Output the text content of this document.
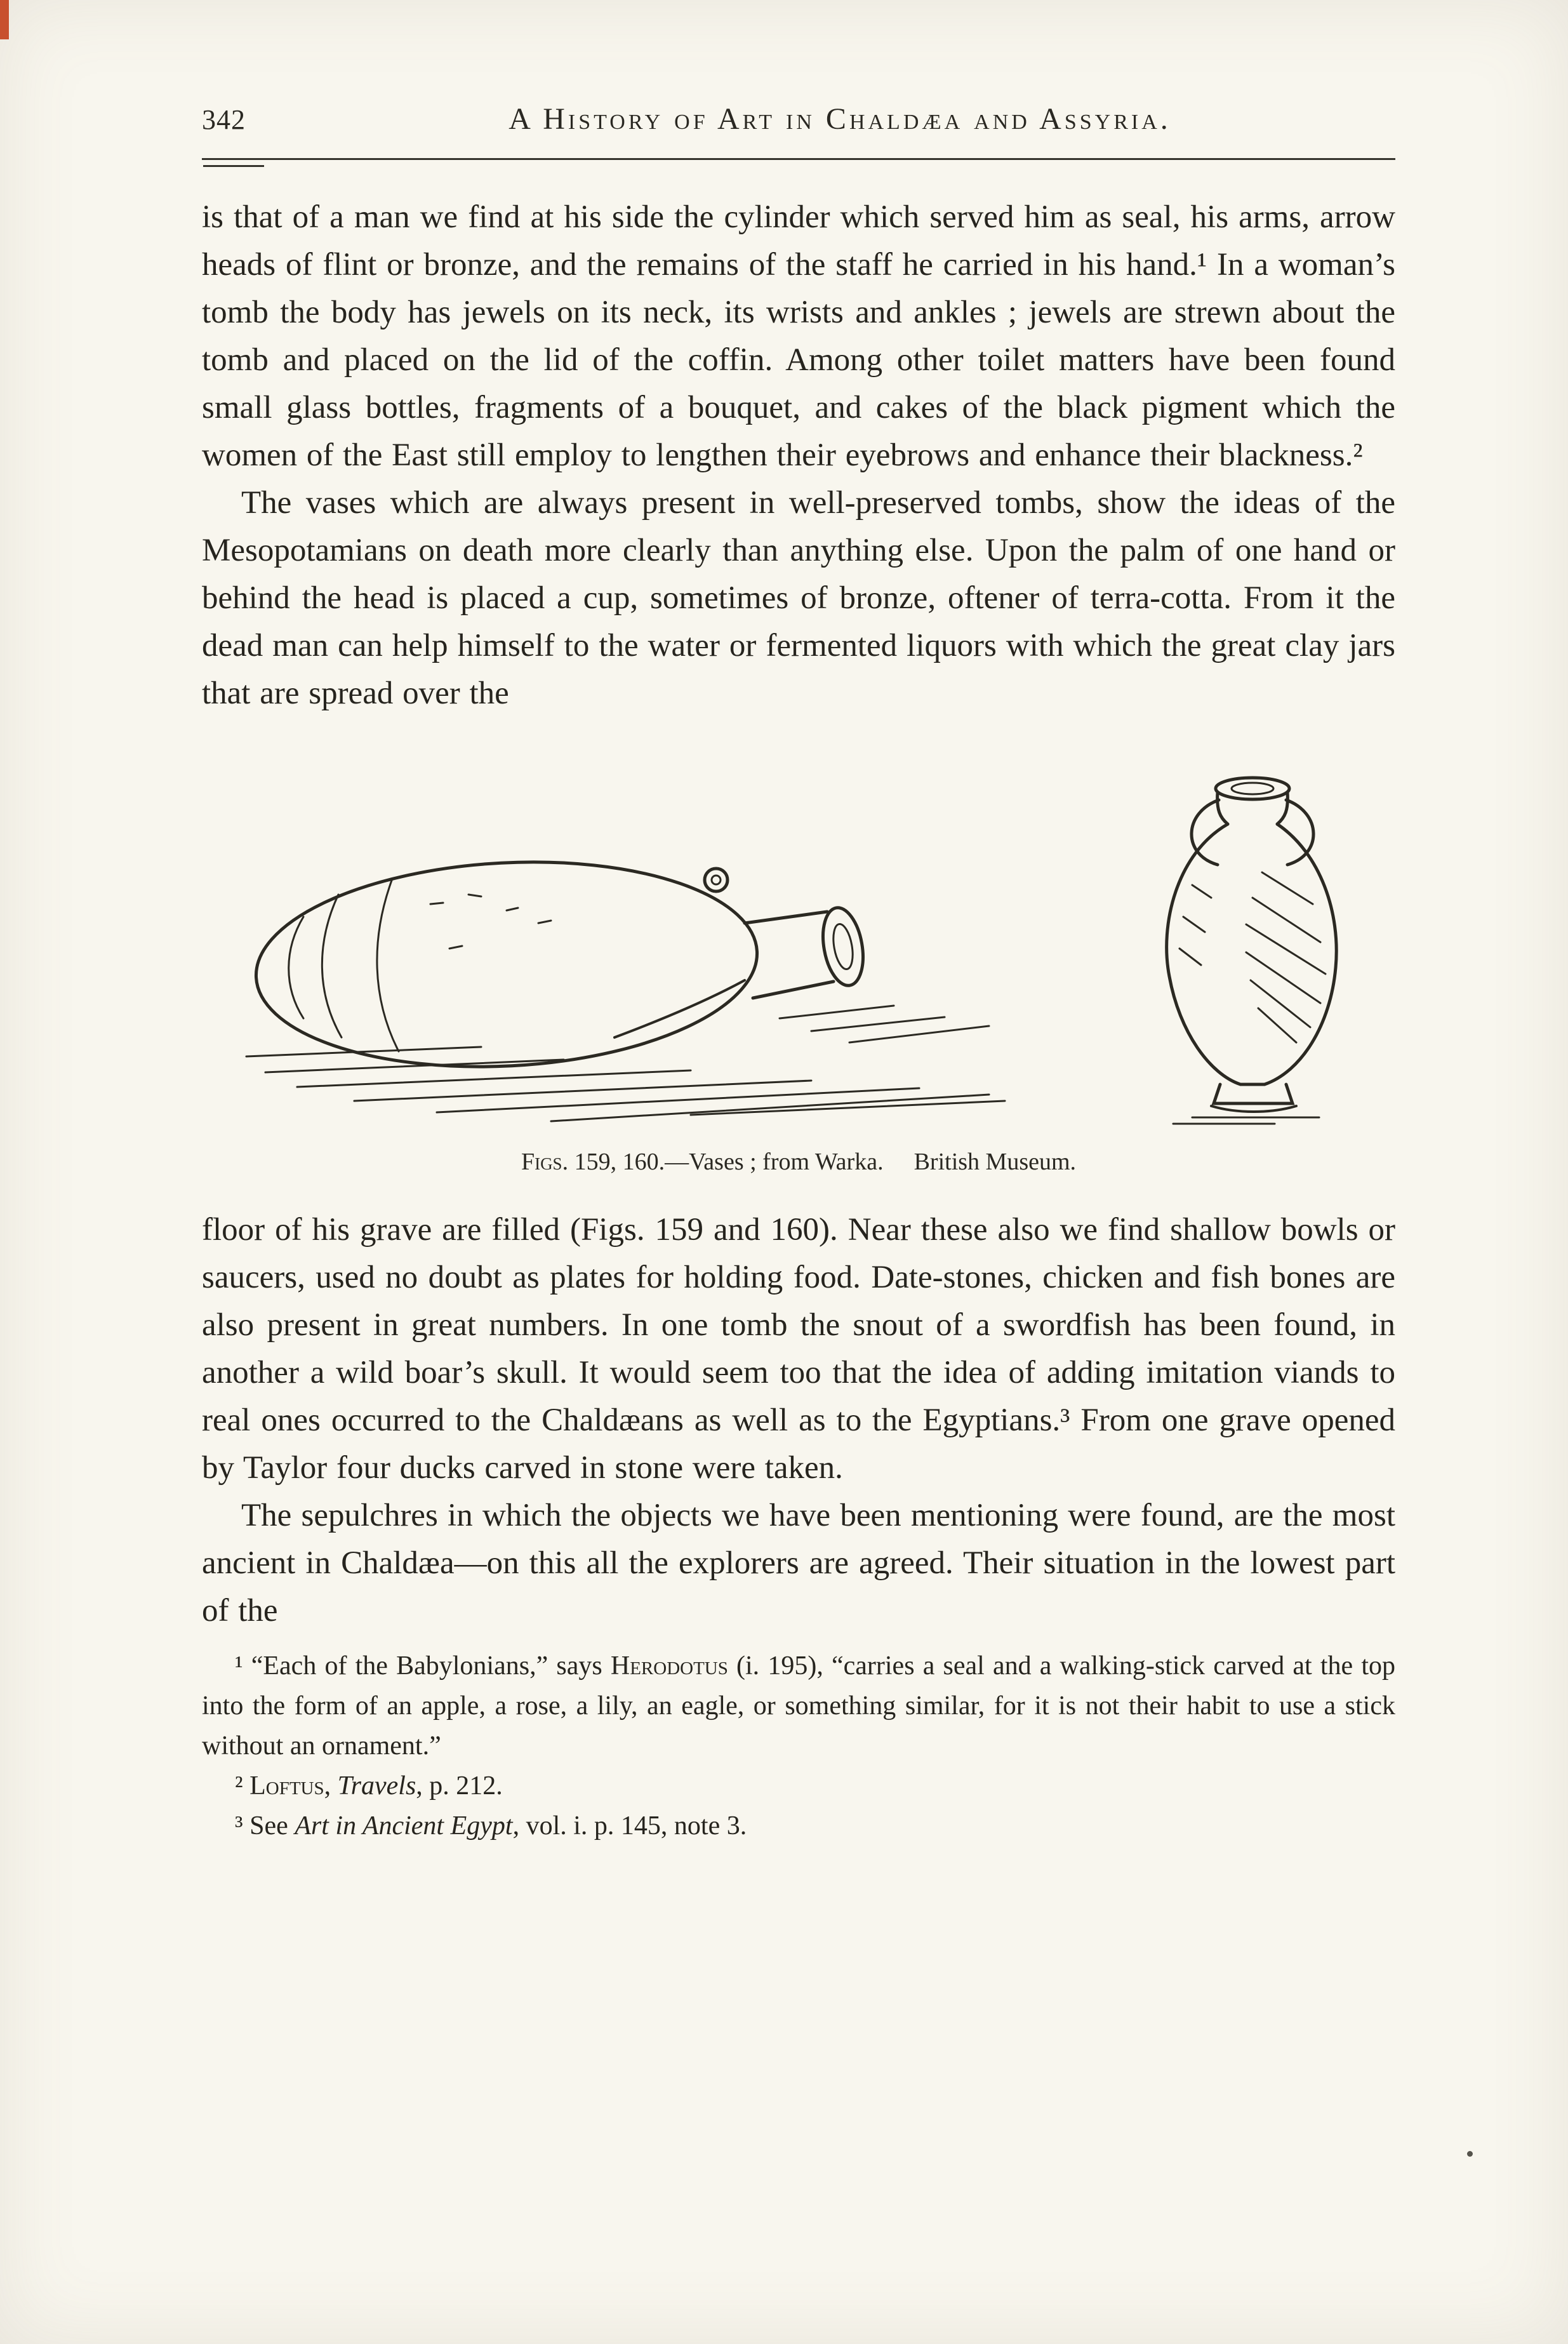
342	A History of Art in Chaldæa and Assyria.

is that of a man we find at his side the cylinder which served him as seal, his arms, arrow heads of flint or bronze, and the remains of the staff he carried in his hand.¹ In a woman’s tomb the body has jewels on its neck, its wrists and ankles ; jewels are strewn about the tomb and placed on the lid of the coffin. Among other toilet matters have been found small glass bottles, fragments of a bouquet, and cakes of the black pigment which the women of the East still employ to lengthen their eyebrows and enhance their blackness.²

The vases which are always present in well-preserved tombs, show the ideas of the Mesopotamians on death more clearly than anything else. Upon the palm of one hand or behind the head is placed a cup, sometimes of bronze, oftener of terra-cotta. From it the dead man can help himself to the water or fermented liquors with which the great clay jars that are spread over the

Figs. 159, 160.—Vases ; from Warka. British Museum.

floor of his grave are filled (Figs. 159 and 160). Near these also we find shallow bowls or saucers, used no doubt as plates for holding food. Date-stones, chicken and fish bones are also present in great numbers. In one tomb the snout of a swordfish has been found, in another a wild boar’s skull. It would seem too that the idea of adding imitation viands to real ones occurred to the Chaldæans as well as to the Egyptians.³ From one grave opened by Taylor four ducks carved in stone were taken.

The sepulchres in which the objects we have been mentioning were found, are the most ancient in Chaldæa—on this all the explorers are agreed. Their situation in the lowest part of the

¹ “Each of the Babylonians,” says Herodotus (i. 195), “carries a seal and a walking-stick carved at the top into the form of an apple, a rose, a lily, an eagle, or something similar, for it is not their habit to use a stick without an ornament.”

² Loftus, Travels, p. 212.

³ See Art in Ancient Egypt, vol. i. p. 145, note 3.
